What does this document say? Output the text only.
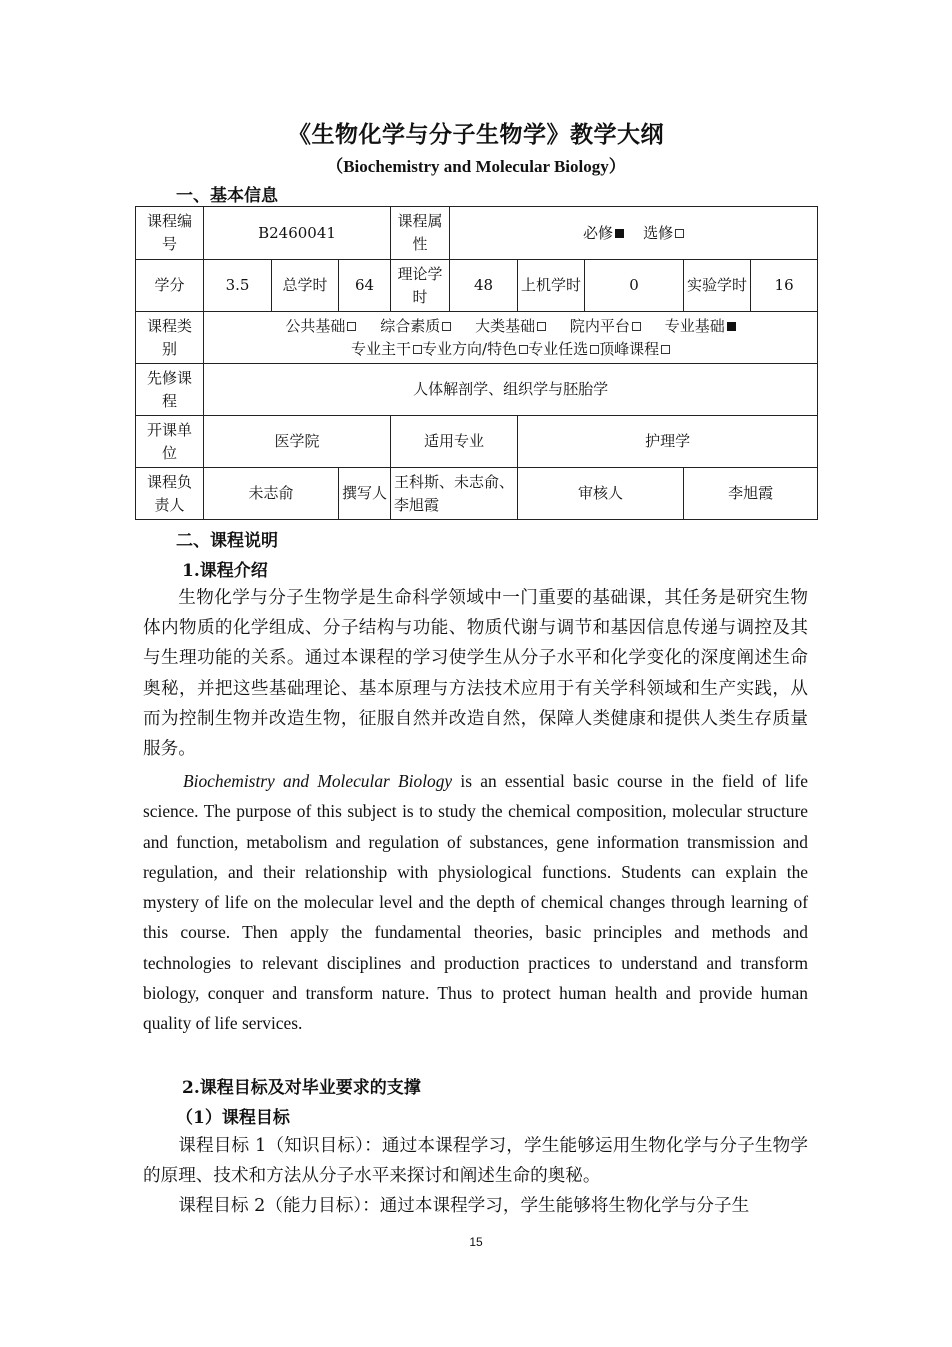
《生物化学与分子生物学》教学大纲
（Biochemistry and Molecular Biology）
一、基本信息
课程编号	B2460041			课程属性	必修 选修				
学分	3.5	总学时	64	理论学时	48	上机学时	0	实验学时	16
课程类别	公共基础 综合素质 大类基础 院内平台 专业基础
专业主干 专业方向/特色 专业任选 顶峰课程								

先修课程	人体解剖学、组织学与胚胎学								
开课单位	医学院			适用专业		护理学			
课程负责人	未志俞		撰写人	王科斯、未志俞、李旭霞		审核人		李旭霞	
二、课程说明
1.课程介绍
生物化学与分子生物学是生命科学领域中一门重要的基础课，其任务是研究生物体内物质的化学组成、分子结构与功能、物质代谢与调节和基因信息传递与调控及其与生理功能的关系。通过本课程的学习使学生从分子水平和化学变化的深度阐述生命奥秘，并把这些基础理论、基本原理与方法技术应用于有关学科领域和生产实践，从而为控制生物并改造生物，征服自然并改造自然，保障人类健康和提供人类生存质量服务。
Biochemistry and Molecular Biology is an essential basic course in the field of life science. The purpose of this subject is to study the chemical composition, molecular structure and function, metabolism and regulation of substances, gene information transmission and regulation, and their relationship with physiological functions. Students can explain the mystery of life on the molecular level and the depth of chemical changes through learning of this course. Then apply the fundamental theories, basic principles and methods and technologies to relevant disciplines and production practices to understand and transform biology, conquer and transform nature. Thus to protect human health and provide human quality of life services.
2.课程目标及对毕业要求的支撑
（1）课程目标
课程目标 1（知识目标）：通过本课程学习，学生能够运用生物化学与分子生物学的原理、技术和方法从分子水平来探讨和阐述生命的奥秘。
课程目标 2（能力目标）：通过本课程学习，学生能够将生物化学与分子生
15
